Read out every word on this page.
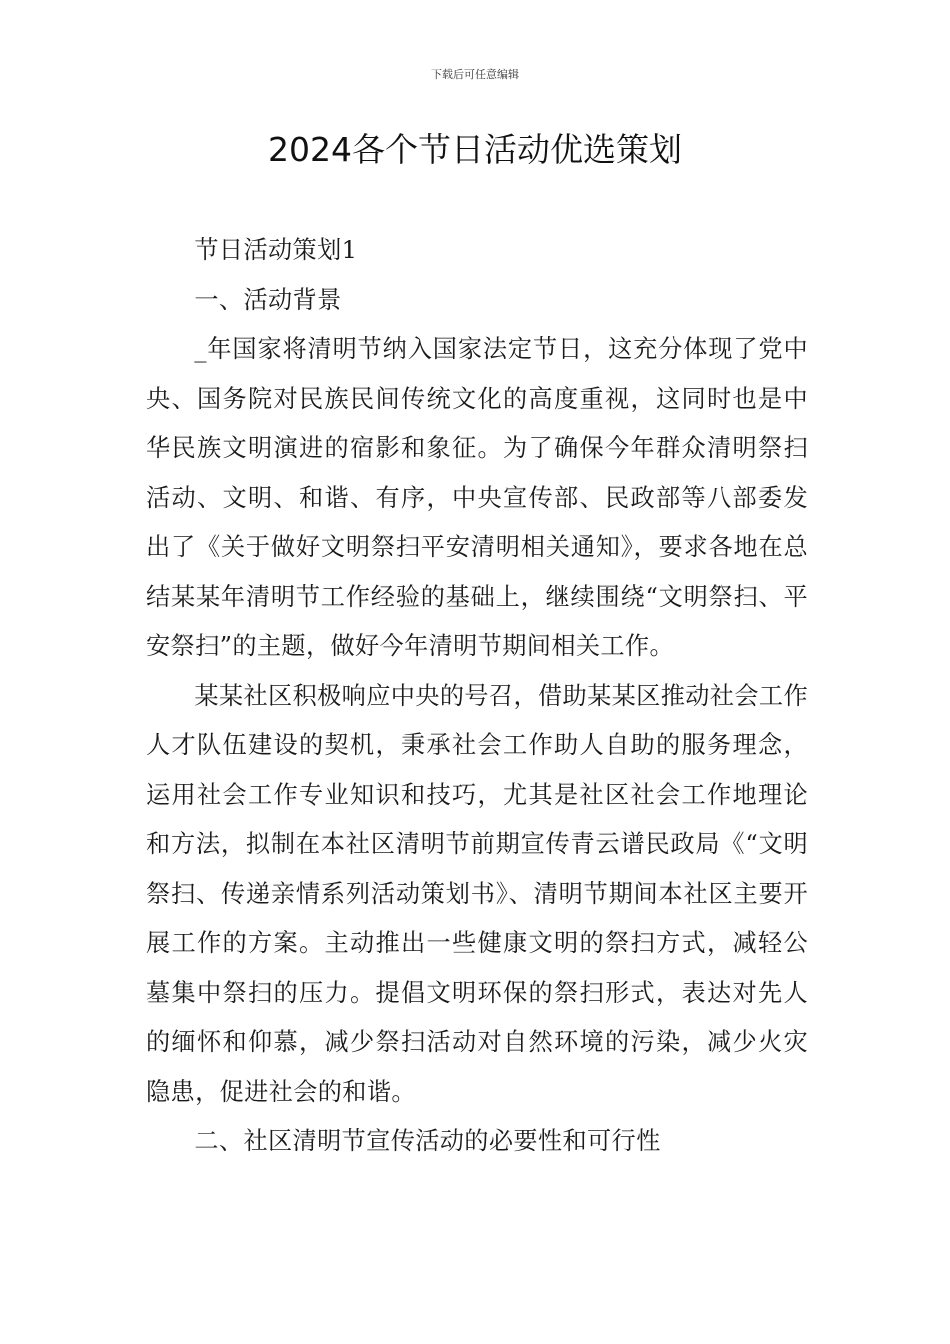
下载后可任意编辑
2024各个节日活动优选策划

节日活动策划1

一、活动背景

_年国家将清明节纳入国家法定节日，这充分体现了党中央、国务院对民族民间传统文化的高度重视，这同时也是中华民族文明演进的宿影和象征。为了确保今年群众清明祭扫活动、文明、和谐、有序，中央宣传部、民政部等八部委发出了《关于做好文明祭扫平安清明相关通知》，要求各地在总结某某年清明节工作经验的基础上，继续围绕“文明祭扫、平安祭扫”的主题，做好今年清明节期间相关工作。

某某社区积极响应中央的号召，借助某某区推动社会工作人才队伍建设的契机，秉承社会工作助人自助的服务理念，运用社会工作专业知识和技巧，尤其是社区社会工作地理论和方法，拟制在本社区清明节前期宣传青云谱民政局《“文明祭扫、传递亲情系列活动策划书》、清明节期间本社区主要开展工作的方案。主动推出一些健康文明的祭扫方式，减轻公墓集中祭扫的压力。提倡文明环保的祭扫形式，表达对先人的缅怀和仰慕，减少祭扫活动对自然环境的污染，减少火灾隐患，促进社会的和谐。

二、社区清明节宣传活动的必要性和可行性
